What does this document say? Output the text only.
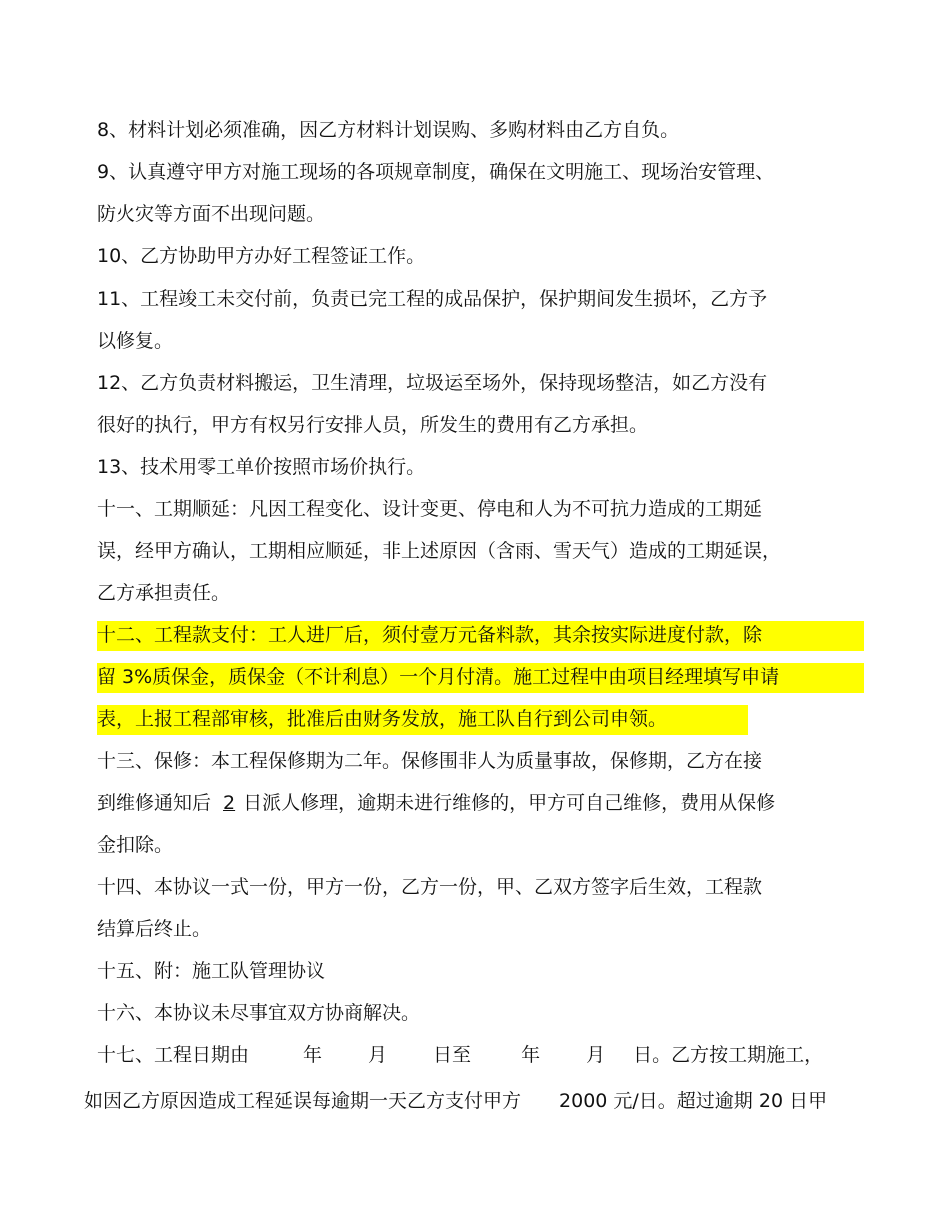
8、材料计划必须准确，因乙方材料计划误购、多购材料由乙方自负。
9、认真遵守甲方对施工现场的各项规章制度，确保在文明施工、现场治安管理、
防火灾等方面不出现问题。
10、乙方协助甲方办好工程签证工作。
11、工程竣工未交付前，负责已完工程的成品保护，保护期间发生损坏，乙方予
以修复。
12、乙方负责材料搬运，卫生清理，垃圾运至场外，保持现场整洁，如乙方没有
很好的执行，甲方有权另行安排人员，所发生的费用有乙方承担。
13、技术用零工单价按照市场价执行。
十一、工期顺延：凡因工程变化、设计变更、停电和人为不可抗力造成的工期延
误，经甲方确认，工期相应顺延，非上述原因（含雨、雪天气）造成的工期延误，
乙方承担责任。
十二、工程款支付：工人进厂后，须付壹万元备料款，其余按实际进度付款，除
留 3%质保金，质保金（不计利息）一个月付清。施工过程中由项目经理填写申请
表，上报工程部审核，批准后由财务发放，施工队自行到公司申领。
十三、保修：本工程保修期为二年。保修围非人为质量事故，保修期，乙方在接
到维修通知后 2 日派人修理，逾期未进行维修的，甲方可自己维修，费用从保修
金扣除。
十四、本协议一式一份，甲方一份，乙方一份，甲、乙双方签字后生效，工程款
结算后终止。
十五、附：施工队管理协议
十六、本协议未尽事宜双方协商解决。
十七、工程日期由	年 月 日至	年 月 日。乙方按工期施工，
如因乙方原因造成工程延误每逾期一天乙方支付甲方 2000 元/日。超过逾期 20 日甲
